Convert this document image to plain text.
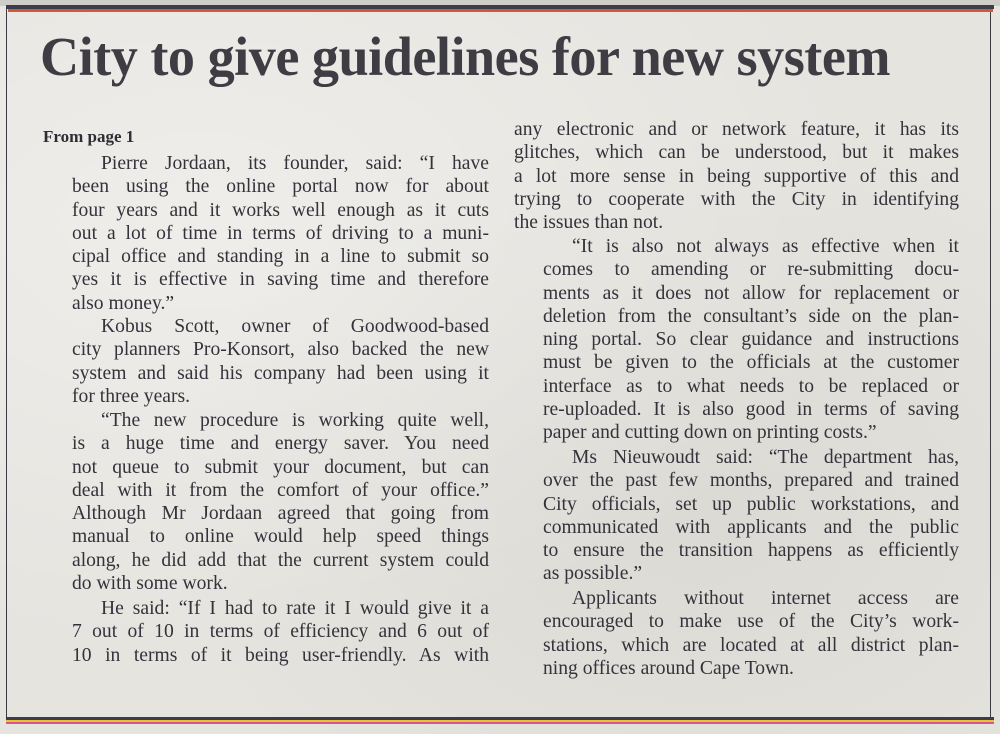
City to give guidelines for new system
From page 1

Pierre Jordaan, its founder, said: “I have
been using the online portal now for about
four years and it works well enough as it cuts
out a lot of time in terms of driving to a muni-
cipal office and standing in a line to submit so
yes it is effective in saving time and therefore
also money.”

Kobus Scott, owner of Goodwood-based
city planners Pro-Konsort, also backed the new
system and said his company had been using it
for three years.

“The new procedure is working quite well,
is a huge time and energy saver. You need
not queue to submit your document, but can
deal with it from the comfort of your office.”
Although Mr Jordaan agreed that going from
manual to online would help speed things
along, he did add that the current system could
do with some work.

He said: “If I had to rate it I would give it a
7 out of 10 in terms of efficiency and 6 out of
10 in terms of it being user-friendly. As with

any electronic and or network feature, it has its
glitches, which can be understood, but it makes
a lot more sense in being supportive of this and
trying to cooperate with the City in identifying
the issues than not.

“It is also not always as effective when it
comes to amending or re-submitting docu-
ments as it does not allow for replacement or
deletion from the consultant’s side on the plan-
ning portal. So clear guidance and instructions
must be given to the officials at the customer
interface as to what needs to be replaced or
re-uploaded. It is also good in terms of saving
paper and cutting down on printing costs.”

Ms Nieuwoudt said: “The department has,
over the past few months, prepared and trained
City officials, set up public workstations, and
communicated with applicants and the public
to ensure the transition happens as efficiently
as possible.”

Applicants without internet access are
encouraged to make use of the City’s work-
stations, which are located at all district plan-
ning offices around Cape Town.
